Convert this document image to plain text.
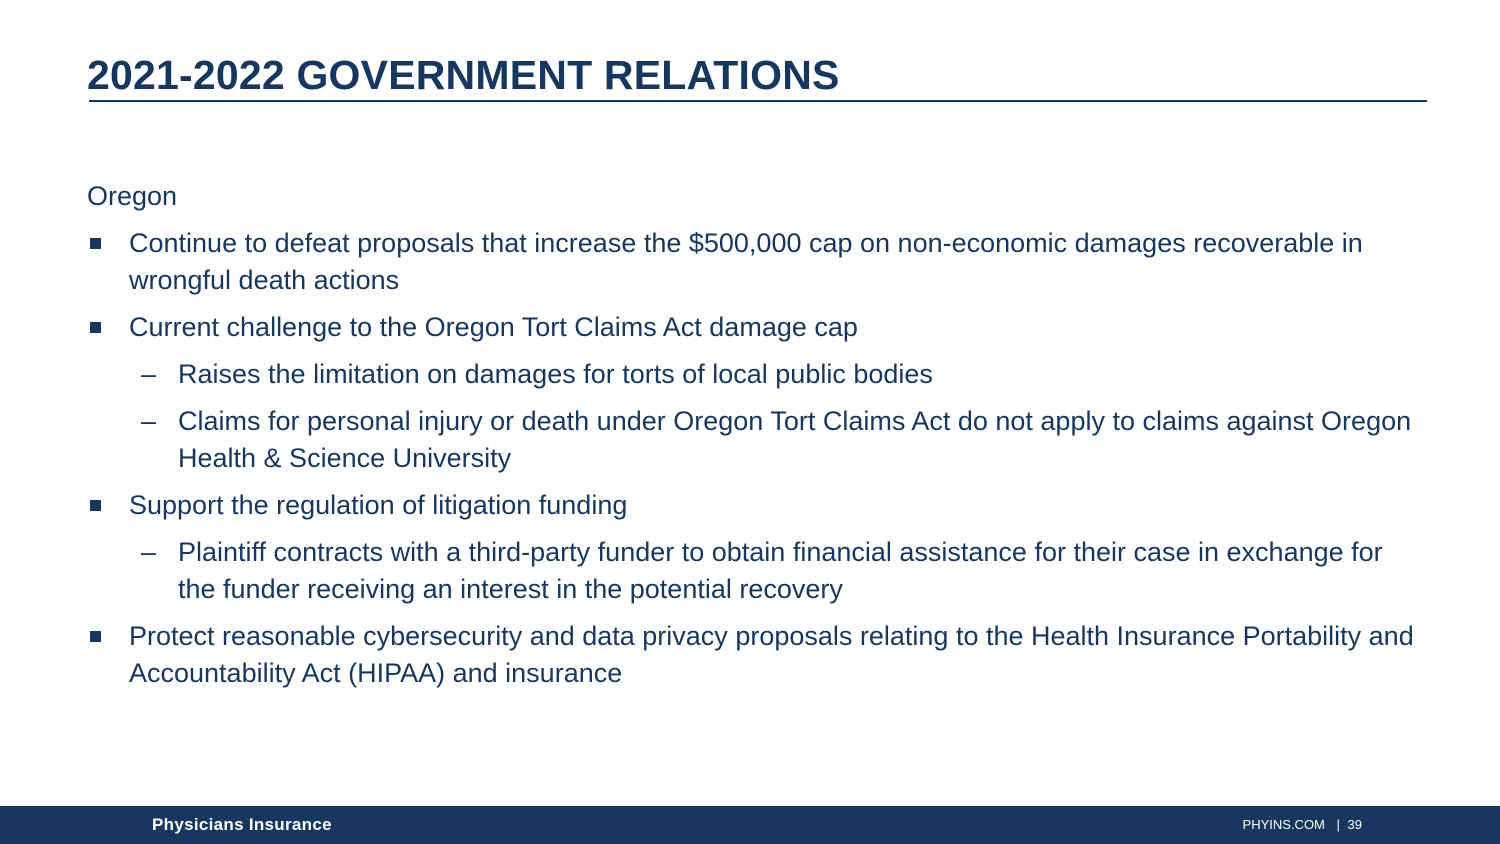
2021-2022 GOVERNMENT RELATIONS
Oregon
Continue to defeat proposals that increase the $500,000 cap on non-economic damages recoverable in wrongful death actions
Current challenge to the Oregon Tort Claims Act damage cap
– Raises the limitation on damages for torts of local public bodies
– Claims for personal injury or death under Oregon Tort Claims Act do not apply to claims against Oregon Health & Science University
Support the regulation of litigation funding
– Plaintiff contracts with a third-party funder to obtain financial assistance for their case in exchange for the funder receiving an interest in the potential recovery
Protect reasonable cybersecurity and data privacy proposals relating to the Health Insurance Portability and Accountability Act (HIPAA) and insurance
Physicians Insurance	PHYINS.COM | 39
